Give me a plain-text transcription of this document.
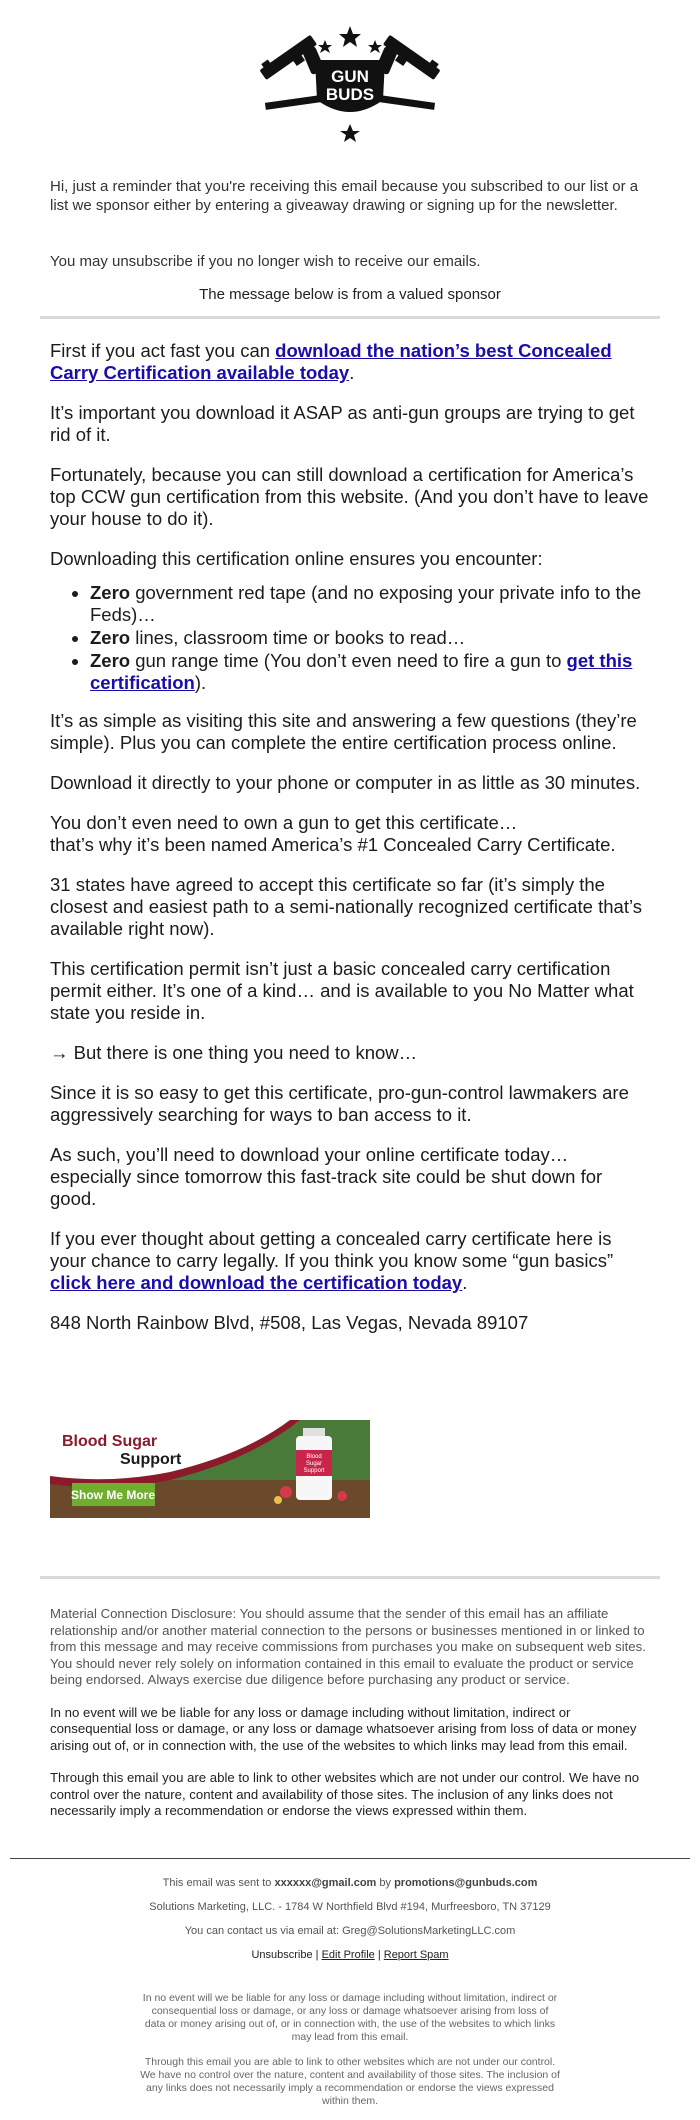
GUN
BUDS
Hi, just a reminder that you're receiving this email because you subscribed to our list or a list we sponsor either by entering a giveaway drawing or signing up for the newsletter.
You may unsubscribe if you no longer wish to receive our emails.
The message below is from a valued sponsor

First if you act fast you can download the nation’s best Concealed Carry Certification available today.

It’s important you download it ASAP as anti-gun groups are trying to get rid of it.

Fortunately, because you can still download a certification for America’s top CCW gun certification from this website. (And you don’t have to leave your house to do it).

Downloading this certification online ensures you encounter:

• Zero government red tape (and no exposing your private info to the Feds)…
• Zero lines, classroom time or books to read…
• Zero gun range time (You don’t even need to fire a gun to get this certification).

It’s as simple as visiting this site and answering a few questions (they’re simple). Plus you can complete the entire certification process online.

Download it directly to your phone or computer in as little as 30 minutes.

You don’t even need to own a gun to get this certificate…
that’s why it’s been named America’s #1 Concealed Carry Certificate.

31 states have agreed to accept this certificate so far (it’s simply the closest and easiest path to a semi-nationally recognized certificate that’s available right now).

This certification permit isn’t just a basic concealed carry certification permit either. It’s one of a kind… and is available to you No Matter what state you reside in.

→ But there is one thing you need to know…

Since it is so easy to get this certificate, pro-gun-control lawmakers are aggressively searching for ways to ban access to it.

As such, you’ll need to download your online certificate today… especially since tomorrow this fast-track site could be shut down for good.

If you ever thought about getting a concealed carry certificate here is your chance to carry legally. If you think you know some “gun basics” click here and download the certification today.

848 North Rainbow Blvd, #508, Las Vegas, Nevada 89107

Blood Sugar
Support
Show Me More
Blood
Sugar
Support

Material Connection Disclosure: You should assume that the sender of this email has an affiliate relationship and/or another material connection to the persons or businesses mentioned in or linked to from this message and may receive commissions from purchases you make on subsequent web sites. You should never rely solely on information contained in this email to evaluate the product or service being endorsed. Always exercise due diligence before purchasing any product or service.

In no event will we be liable for any loss or damage including without limitation, indirect or consequential loss or damage, or any loss or damage whatsoever arising from loss of data or money arising out of, or in connection with, the use of the websites to which links may lead from this email.

Through this email you are able to link to other websites which are not under our control. We have no control over the nature, content and availability of those sites. The inclusion of any links does not necessarily imply a recommendation or endorse the views expressed within them.

This email was sent to xxxxxx@gmail.com by promotions@gunbuds.com
Solutions Marketing, LLC. - 1784 W Northfield Blvd #194, Murfreesboro, TN 37129
You can contact us via email at: Greg@SolutionsMarketingLLC.com
Unsubscribe | Edit Profile | Report Spam

In no event will we be liable for any loss or damage including without limitation, indirect or consequential loss or damage, or any loss or damage whatsoever arising from loss of data or money arising out of, or in connection with, the use of the websites to which links may lead from this email.

Through this email you are able to link to other websites which are not under our control. We have no control over the nature, content and availability of those sites. The inclusion of any links does not necessarily imply a recommendation or endorse the views expressed within them.
